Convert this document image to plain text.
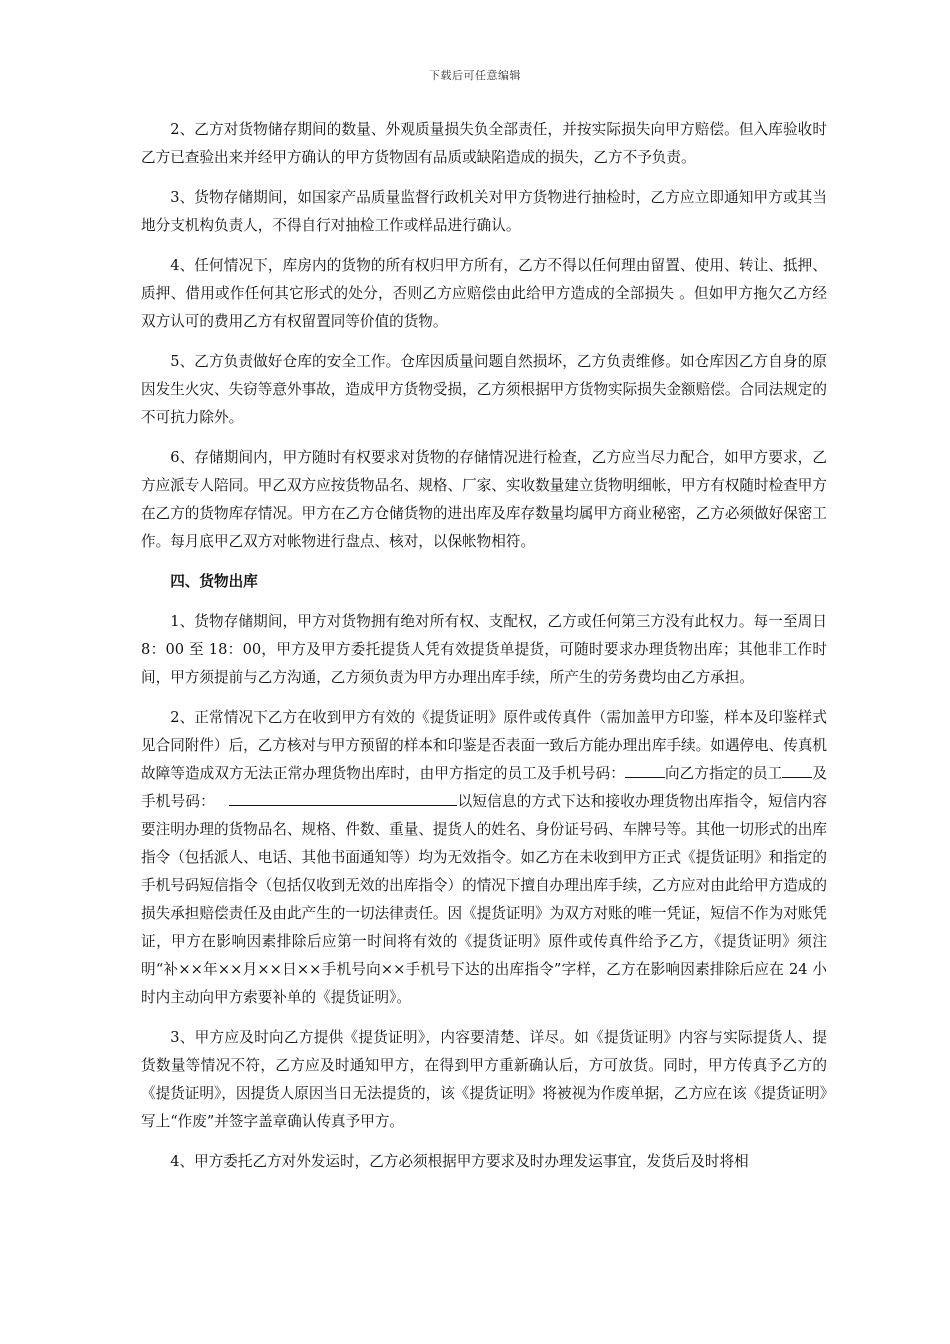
下载后可任意编辑

2、乙方对货物储存期间的数量、外观质量损失负全部责任，并按实际损失向甲方赔偿。但入库验收时乙方已查验出来并经甲方确认的甲方货物固有品质或缺陷造成的损失，乙方不予负责。

3、货物存储期间，如国家产品质量监督行政机关对甲方货物进行抽检时，乙方应立即通知甲方或其当地分支机构负责人，不得自行对抽检工作或样品进行确认。

4、任何情况下，库房内的货物的所有权归甲方所有，乙方不得以任何理由留置、使用、转让、抵押、质押、借用或作任何其它形式的处分，否则乙方应赔偿由此给甲方造成的全部损失 。但如甲方拖欠乙方经双方认可的费用乙方有权留置同等价值的货物。

5、乙方负责做好仓库的安全工作。仓库因质量问题自然损坏，乙方负责维修。如仓库因乙方自身的原因发生火灾、失窃等意外事故，造成甲方货物受损，乙方须根据甲方货物实际损失金额赔偿。合同法规定的不可抗力除外。

6、存储期间内，甲方随时有权要求对货物的存储情况进行检查，乙方应当尽力配合，如甲方要求，乙方应派专人陪同。甲乙双方应按货物品名、规格、厂家、实收数量建立货物明细帐，甲方有权随时检查甲方在乙方的货物库存情况。甲方在乙方仓储货物的进出库及库存数量均属甲方商业秘密，乙方必须做好保密工作。每月底甲乙双方对帐物进行盘点、核对，以保帐物相符。

四、货物出库

1、货物存储期间，甲方对货物拥有绝对所有权、支配权，乙方或任何第三方没有此权力。每一至周日 8：00 至 18：00，甲方及甲方委托提货人凭有效提货单提货，可随时要求办理货物出库；其他非工作时间，甲方须提前与乙方沟通，乙方须负责为甲方办理出库手续，所产生的劳务费均由乙方承担。

2、正常情况下乙方在收到甲方有效的《提货证明》原件或传真件（需加盖甲方印鉴，样本及印鉴样式见合同附件）后，乙方核对与甲方预留的样本和印鉴是否表面一致后方能办理出库手续。如遇停电、传真机故障等造成双方无法正常办理货物出库时，由甲方指定的员工及手机号码：	向乙方指定的员工 及手机号码：	以短信息的方式下达和接收办理货物出库指令，短信内容要注明办理的货物品名、规格、件数、重量、提货人的姓名、身份证号码、车牌号等。其他一切形式的出库指令（包括派人、电话、其他书面通知等）均为无效指令。如乙方在未收到甲方正式《提货证明》和指定的手机号码短信指令（包括仅收到无效的出库指令）的情况下擅自办理出库手续，乙方应对由此给甲方造成的损失承担赔偿责任及由此产生的一切法律责任。因《提货证明》为双方对账的唯一凭证，短信不作为对账凭证，甲方在影响因素排除后应第一时间将有效的《提货证明》原件或传真件给予乙方，《提货证明》须注明“补××年××月××日××手机号向××手机号下达的出库指令”字样，乙方在影响因素排除后应在 24 小时内主动向甲方索要补单的《提货证明》。

3、甲方应及时向乙方提供《提货证明》，内容要清楚、详尽。如《提货证明》内容与实际提货人、提货数量等情况不符，乙方应及时通知甲方，在得到甲方重新确认后，方可放货。同时，甲方传真予乙方的《提货证明》，因提货人原因当日无法提货的，该《提货证明》将被视为作废单据，乙方应在该《提货证明》写上“作废”并签字盖章确认传真予甲方。

4、甲方委托乙方对外发运时，乙方必须根据甲方要求及时办理发运事宜，发货后及时将相
